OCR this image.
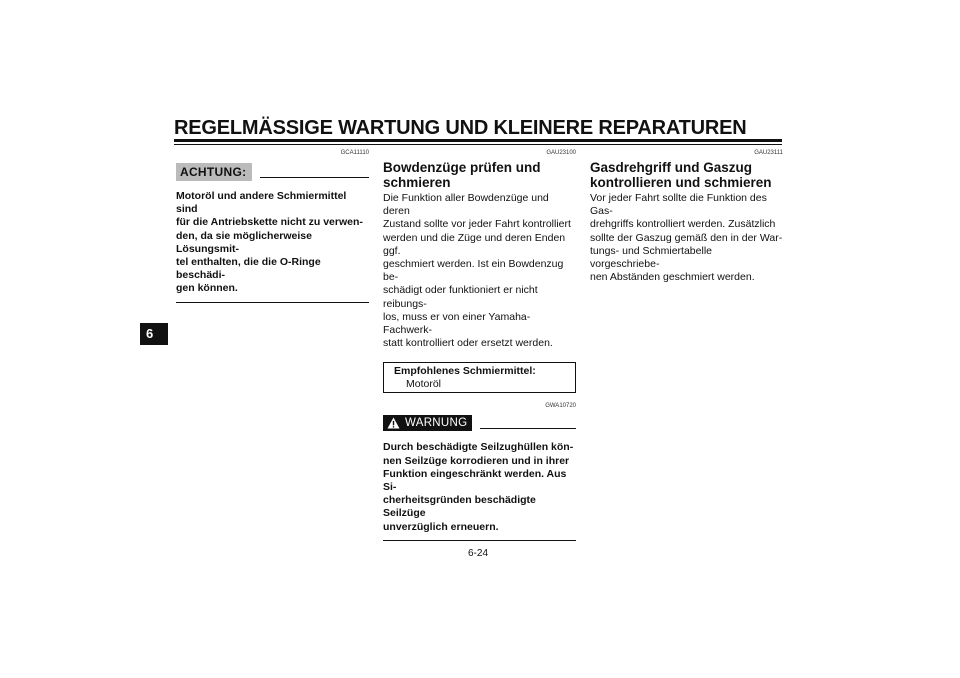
REGELMÄSSIGE WARTUNG UND KLEINERE REPARATUREN
6
GCA11110
ACHTUNG:
Motoröl und andere Schmiermittel sind
für die Antriebskette nicht zu verwen-
den, da sie möglicherweise Lösungsmit-
tel enthalten, die die O-Ringe beschädi-
gen können.
GAU23100
Bowdenzüge prüfen und
schmieren
Die Funktion aller Bowdenzüge und deren
Zustand sollte vor jeder Fahrt kontrolliert
werden und die Züge und deren Enden ggf.
geschmiert werden. Ist ein Bowdenzug be-
schädigt oder funktioniert er nicht reibungs-
los, muss er von einer Yamaha-Fachwerk-
statt kontrolliert oder ersetzt werden.
Empfohlenes Schmiermittel:
Motoröl
GWA10720
WARNUNG
Durch beschädigte Seilzughüllen kön-
nen Seilzüge korrodieren und in ihrer
Funktion eingeschränkt werden. Aus Si-
cherheitsgründen beschädigte Seilzüge
unverzüglich erneuern.
GAU23111
Gasdrehgriff und Gaszug
kontrollieren und schmieren
Vor jeder Fahrt sollte die Funktion des Gas-
drehgriffs kontrolliert werden. Zusätzlich
sollte der Gaszug gemäß den in der War-
tungs- und Schmiertabelle vorgeschriebe-
nen Abständen geschmiert werden.
6-24
